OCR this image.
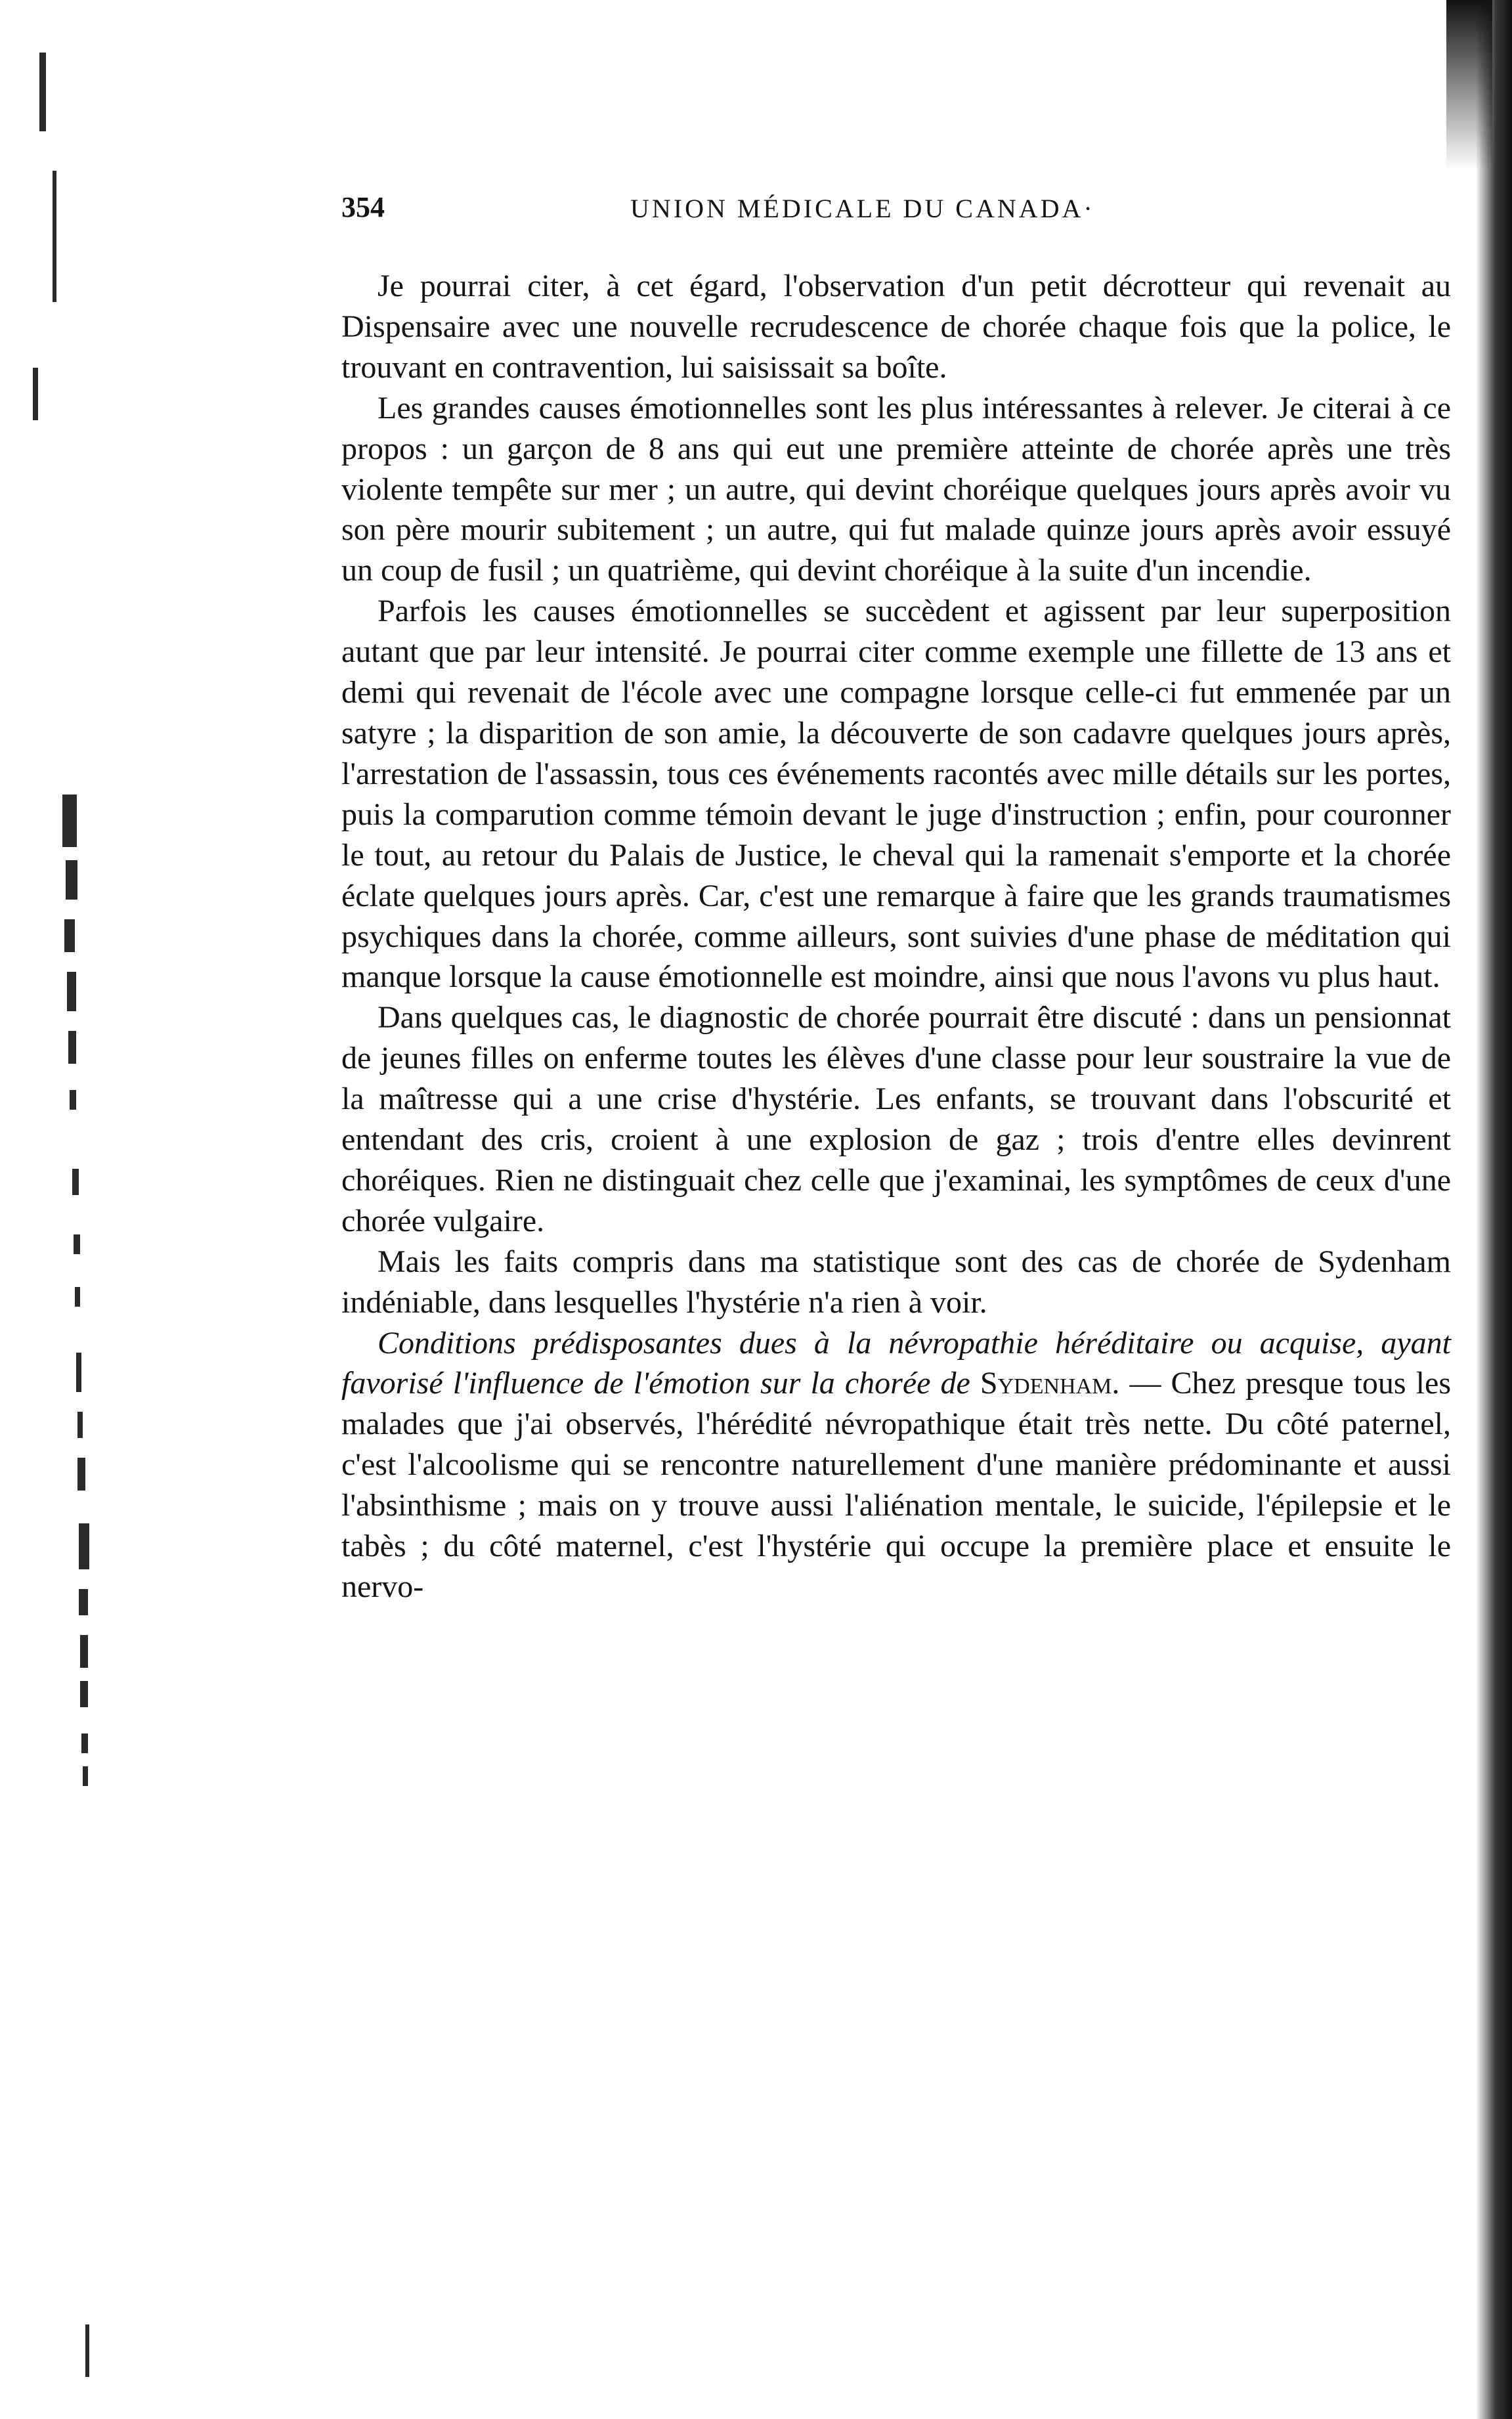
354	UNION MÉDICALE DU CANADA·

Je pourrai citer, à cet égard, l'observation d'un petit décrotteur qui revenait au Dispensaire avec une nouvelle recrudescence de chorée chaque fois que la police, le trouvant en contravention, lui saisissait sa boîte.

Les grandes causes émotionnelles sont les plus intéressantes à relever. Je citerai à ce propos : un garçon de 8 ans qui eut une première atteinte de chorée après une très violente tempête sur mer ; un autre, qui devint choréique quelques jours après avoir vu son père mourir subitement ; un autre, qui fut malade quinze jours après avoir essuyé un coup de fusil ; un quatrième, qui devint choréique à la suite d'un incendie.

Parfois les causes émotionnelles se succèdent et agissent par leur superposition autant que par leur intensité. Je pourrai citer comme exemple une fillette de 13 ans et demi qui revenait de l'école avec une compagne lorsque celle-ci fut emmenée par un satyre ; la disparition de son amie, la découverte de son cadavre quelques jours après, l'arrestation de l'assassin, tous ces événements racontés avec mille détails sur les portes, puis la comparution comme témoin devant le juge d'instruction ; enfin, pour couronner le tout, au retour du Palais de Justice, le cheval qui la ramenait s'emporte et la chorée éclate quelques jours après. Car, c'est une remarque à faire que les grands traumatismes psychiques dans la chorée, comme ailleurs, sont suivies d'une phase de méditation qui manque lorsque la cause émotionnelle est moindre, ainsi que nous l'avons vu plus haut.

Dans quelques cas, le diagnostic de chorée pourrait être discuté : dans un pensionnat de jeunes filles on enferme toutes les élèves d'une classe pour leur soustraire la vue de la maîtresse qui a une crise d'hystérie. Les enfants, se trouvant dans l'obscurité et entendant des cris, croient à une explosion de gaz ; trois d'entre elles devinrent choréiques. Rien ne distinguait chez celle que j'examinai, les symptômes de ceux d'une chorée vulgaire.

Mais les faits compris dans ma statistique sont des cas de chorée de Sydenham indéniable, dans lesquelles l'hystérie n'a rien à voir.

Conditions prédisposantes dues à la névropathie héréditaire ou acquise, ayant favorisé l'influence de l'émotion sur la chorée de Sydenham. — Chez presque tous les malades que j'ai observés, l'hérédité névropathique était très nette. Du côté paternel, c'est l'alcoolisme qui se rencontre naturellement d'une manière prédominante et aussi l'absinthisme ; mais on y trouve aussi l'aliénation mentale, le suicide, l'épilepsie et le tabès ; du côté maternel, c'est l'hystérie qui occupe la première place et ensuite le nervo-
